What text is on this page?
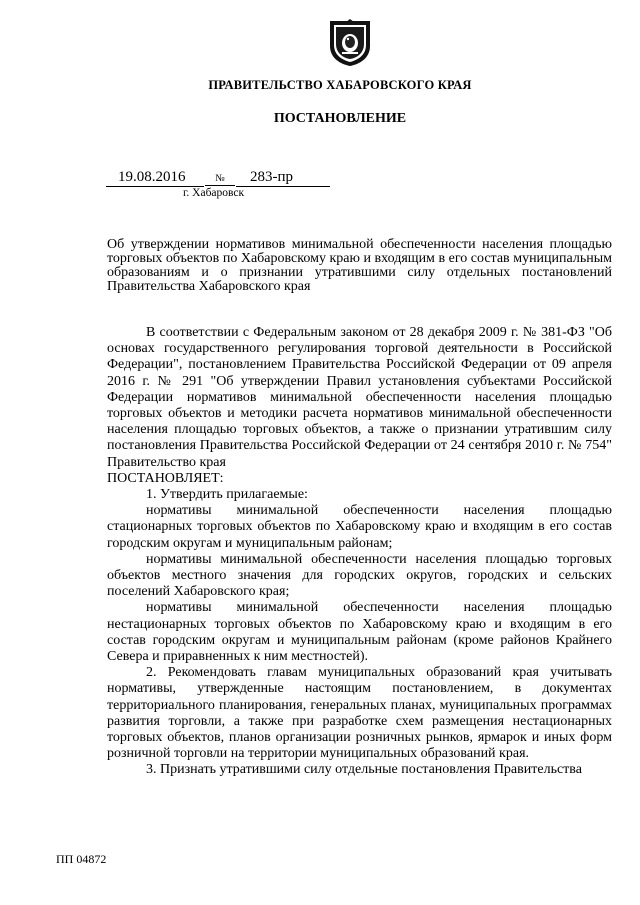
ПРАВИТЕЛЬСТВО ХАБАРОВСКОГО КРАЯ
ПОСТАНОВЛЕНИЕ
19.08.2016	№	283-пр
г. Хабаровск
Об утверждении нормативов минимальной обеспеченности населения площадью торговых объектов по Хабаровскому краю и входящим в его состав муниципальным образованиям и о признании утратившими силу отдельных постановлений Правительства Хабаровского края

В соответствии с Федеральным законом от 28 декабря 2009 г. № 381-ФЗ "Об основах государственного регулирования торговой деятельности в Российской Федерации", постановлением Правительства Российской Федерации от 09 апреля 2016 г. № 291 "Об утверждении Правил установления субъектами Российской Федерации нормативов минимальной обеспеченности населения площадью торговых объектов и методики расчета нормативов минимальной обеспеченности населения площадью торговых объектов, а также о признании утратившим силу постановления Правительства Российской Федерации от 24 сентября 2010 г. № 754" Правительство края

ПОСТАНОВЛЯЕТ:

1. Утвердить прилагаемые:

нормативы минимальной обеспеченности населения площадью стационарных торговых объектов по Хабаровскому краю и входящим в его состав городским округам и муниципальным районам;

нормативы минимальной обеспеченности населения площадью торговых объектов местного значения для городских округов, городских и сельских поселений Хабаровского края;

нормативы минимальной обеспеченности населения площадью нестационарных торговых объектов по Хабаровскому краю и входящим в его состав городским округам и муниципальным районам (кроме районов Крайнего Севера и приравненных к ним местностей).

2. Рекомендовать главам муниципальных образований края учитывать нормативы, утвержденные настоящим постановлением, в документах территориального планирования, генеральных планах, муниципальных программах развития торговли, а также при разработке схем размещения нестационарных торговых объектов, планов организации розничных рынков, ярмарок и иных форм розничной торговли на территории муниципальных образований края.

3. Признать утратившими силу отдельные постановления Правительства

ПП 04872
